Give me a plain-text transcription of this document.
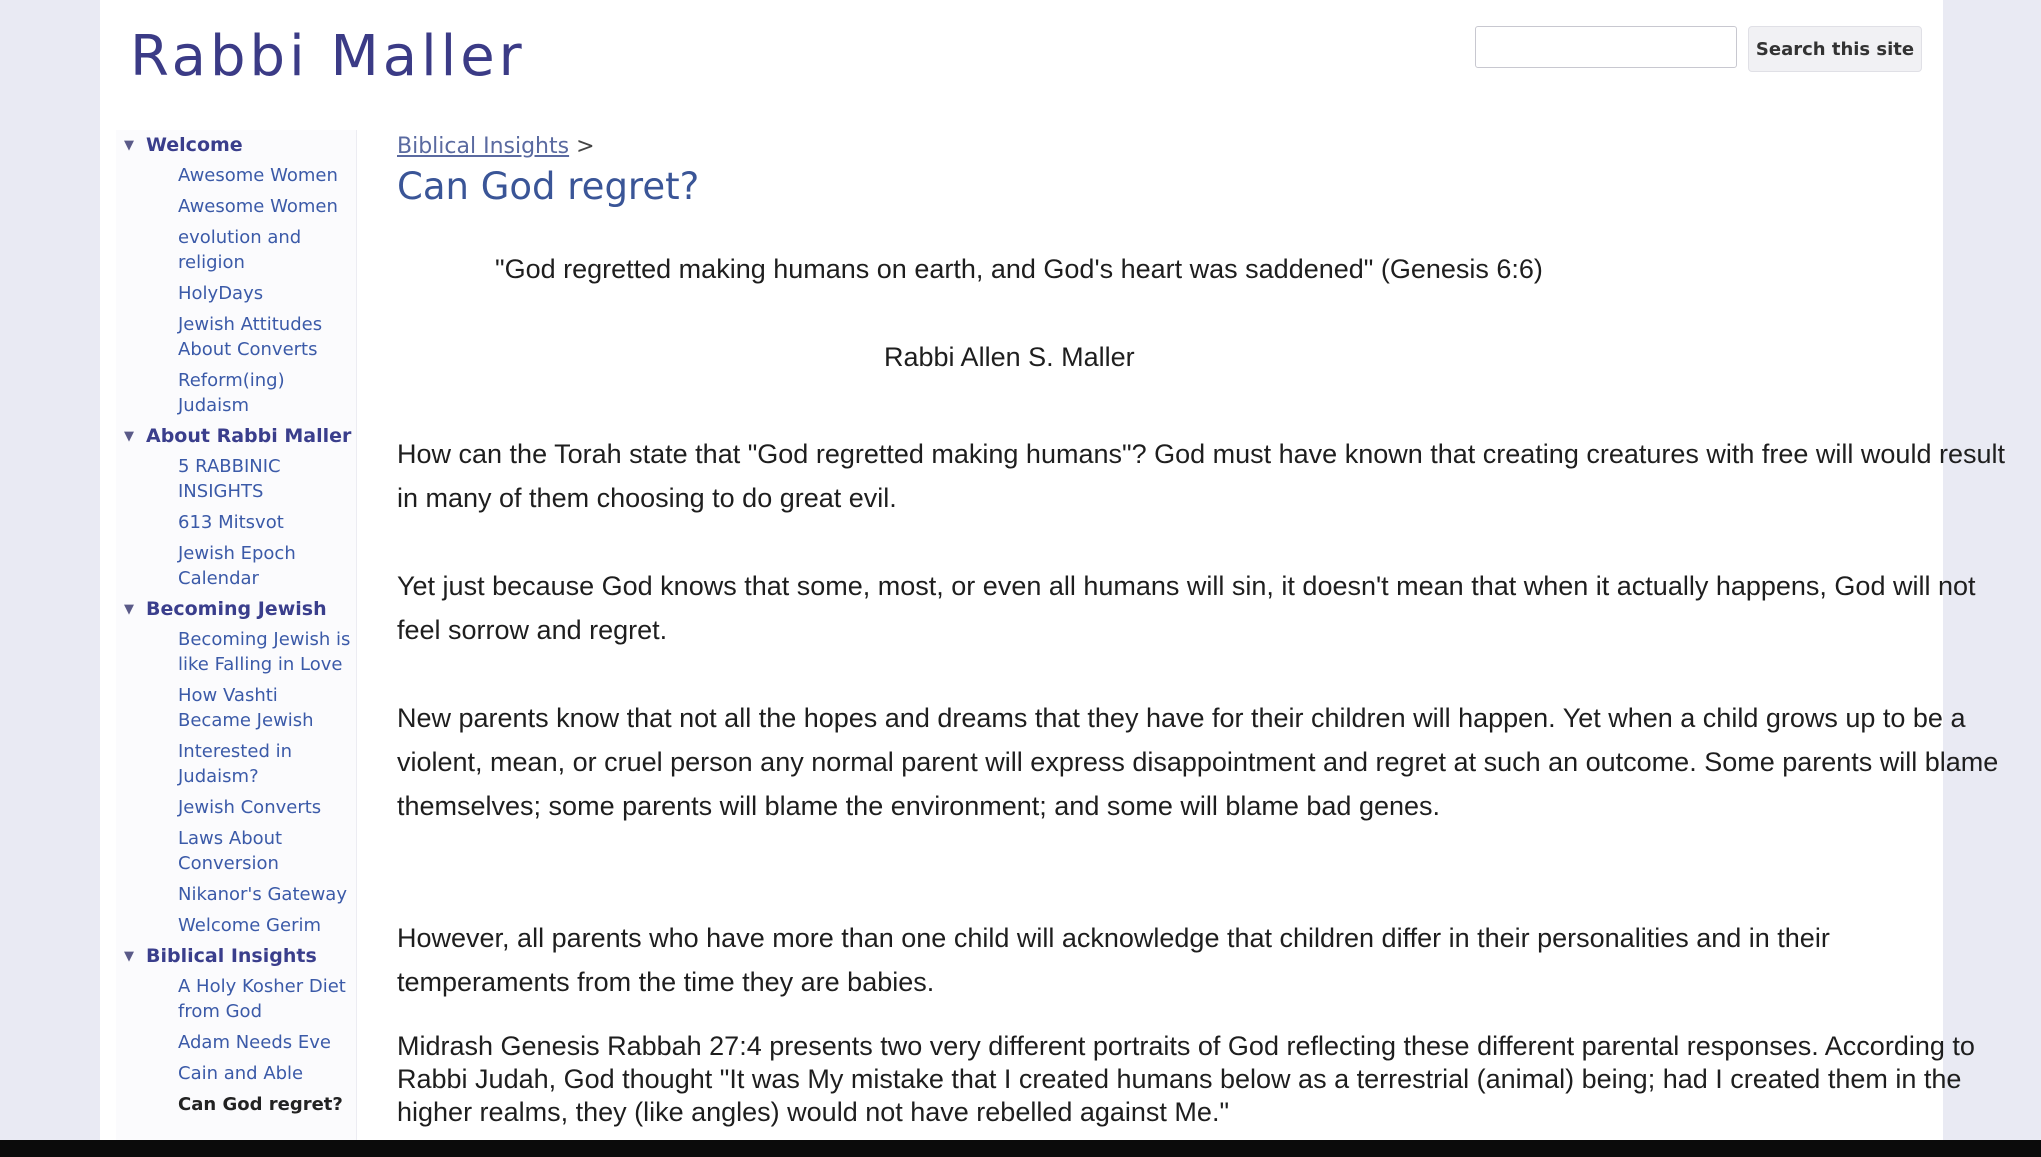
Rabbi Maller	Search this site
▼ Welcome
Awesome Women
Awesome Women
evolution and religion
HolyDays
Jewish Attitudes About Converts
Reform(ing) Judaism
▼ About Rabbi Maller
5 RABBINIC INSIGHTS
613 Mitsvot
Jewish Epoch Calendar
▼ Becoming Jewish
Becoming Jewish is like Falling in Love
How Vashti Became Jewish
Interested in Judaism?
Jewish Converts
Laws About Conversion
Nikanor's Gateway
Welcome Gerim
▼ Biblical Insights
A Holy Kosher Diet from God
Adam Needs Eve
Cain and Able
Can God regret?
Biblical Insights >
Can God regret?
"God regretted making humans on earth, and God's heart was saddened" (Genesis 6:6)
Rabbi Allen S. Maller

How can the Torah state that "God regretted making humans"? God must have known that creating creatures with free will would result in many of them choosing to do great evil.

Yet just because God knows that some, most, or even all humans will sin, it doesn't mean that when it actually happens, God will not feel sorrow and regret.

New parents know that not all the hopes and dreams that they have for their children will happen. Yet when a child grows up to be a violent, mean, or cruel person any normal parent will express disappointment and regret at such an outcome. Some parents will blame themselves; some parents will blame the environment; and some will blame bad genes.

However, all parents who have more than one child will acknowledge that children differ in their personalities and in their temperaments from the time they are babies.

Midrash Genesis Rabbah 27:4 presents two very different portraits of God reflecting these different parental responses. According to Rabbi Judah, God thought "It was My mistake that I created humans below as a terrestrial (animal) being; had I created them in the higher realms, they (like angles) would not have rebelled against Me."
